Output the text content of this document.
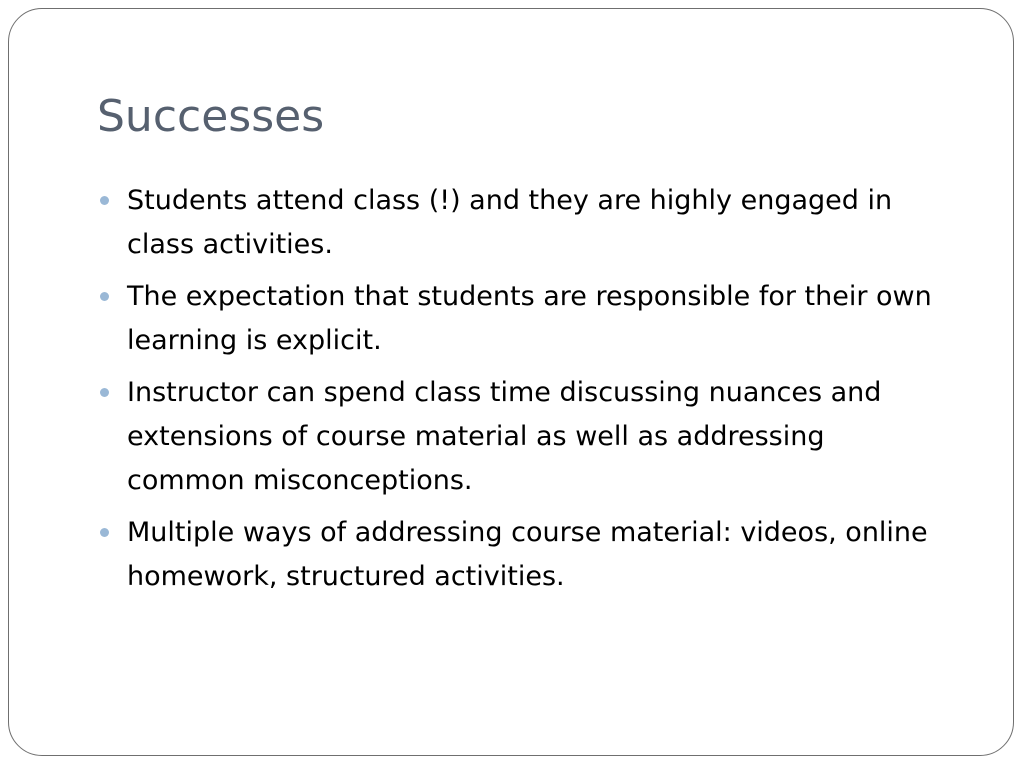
Successes
Students attend class (!) and they are highly engaged in class activities.
The expectation that students are responsible for their own learning is explicit.
Instructor can spend class time discussing nuances and extensions of course material as well as addressing common misconceptions.
Multiple ways of addressing course material: videos, online homework, structured activities.
